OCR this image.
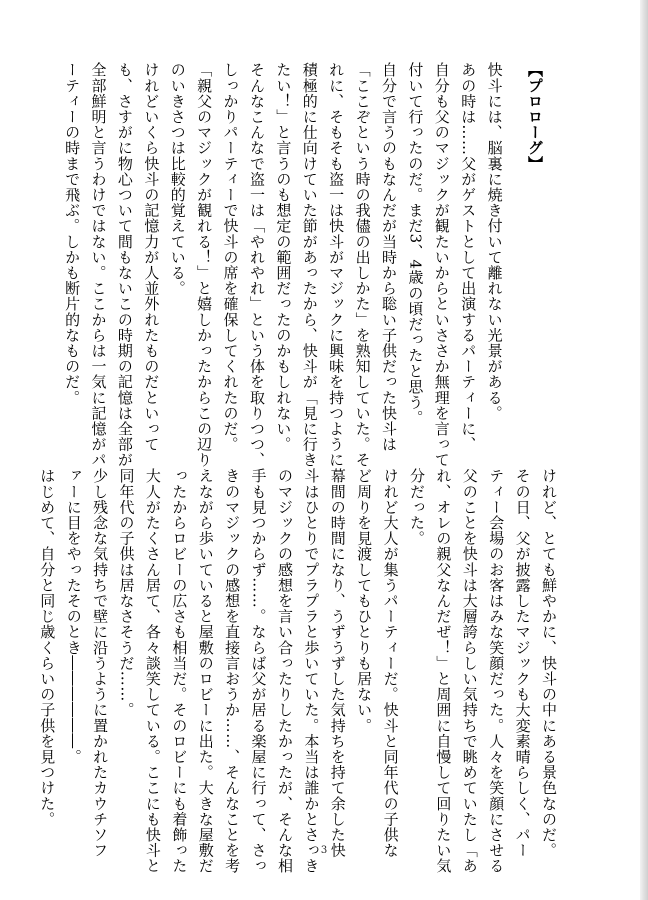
【プロローグ】
快斗には、脳裏に焼き付いて離れない光景がある。
あの時は……父がゲストとして出演するパーティーに、
自分も父のマジックが観たいからといささか無理を言って
付いて行ったのだ。まだ3、4歳の頃だったと思う。
自分で言うのもなんだが当時から聡い子供だった快斗は
「ここぞという時の我儘の出しかた」を熟知していた。そ
れに、そもそも盗一は快斗がマジックに興味を持つように
積極的に仕向けていた節があったから、快斗が「見に行き
たい！」と言うのも想定の範囲だったのかもしれない。
そんなこんなで盗一は「やれやれ」という体を取りつつ、
しっかりパーティーで快斗の席を確保してくれたのだ。
「親父のマジックが観れる！」と嬉しかったからこの辺り
のいきさつは比較的覚えている。
けれどいくら快斗の記憶力が人並外れたものだといって
も、さすがに物心ついて間もないこの時期の記憶は全部が
全部鮮明と言うわけではない。ここからは一気に記憶がパ
ーティーの時まで飛ぶ。しかも断片的なものだ。
けれど、とても鮮やかに、快斗の中にある景色なのだ。
その日、父が披露したマジックも大変素晴らしく、パー
ティー会場のお客はみな笑顔だった。人々を笑顔にさせる
父のことを快斗は大層誇らしい気持ちで眺めていたし「あ
れ、オレの親父なんだぜ！」と周囲に自慢して回りたい気
分だった。
けれど大人が集うパーティーだ。快斗と同年代の子供な
ど周りを見渡してもひとりも居ない。
幕間の時間になり、うずうずした気持ちを持て余した快
斗はひとりでプラプラと歩いていた。本当は誰かとさっき
のマジックの感想を言い合ったりしたかったが、そんな相
手も見つからず……。ならば父が居る楽屋に行って、さっ
きのマジックの感想を直接言おうか……、そんなことを考
えながら歩いていると屋敷のロビーに出た。大きな屋敷だ
ったからロビーの広さも相当だ。そのロビーにも着飾った
大人がたくさん居て、各々談笑している。ここにも快斗と
同年代の子供は居なさそうだ……。
少し残念な気持ちで壁に沿うように置かれたカウチソフ
ァーに目をやったそのとき――――――。
はじめて、自分と同じ歳くらいの子供を見つけた。
3
